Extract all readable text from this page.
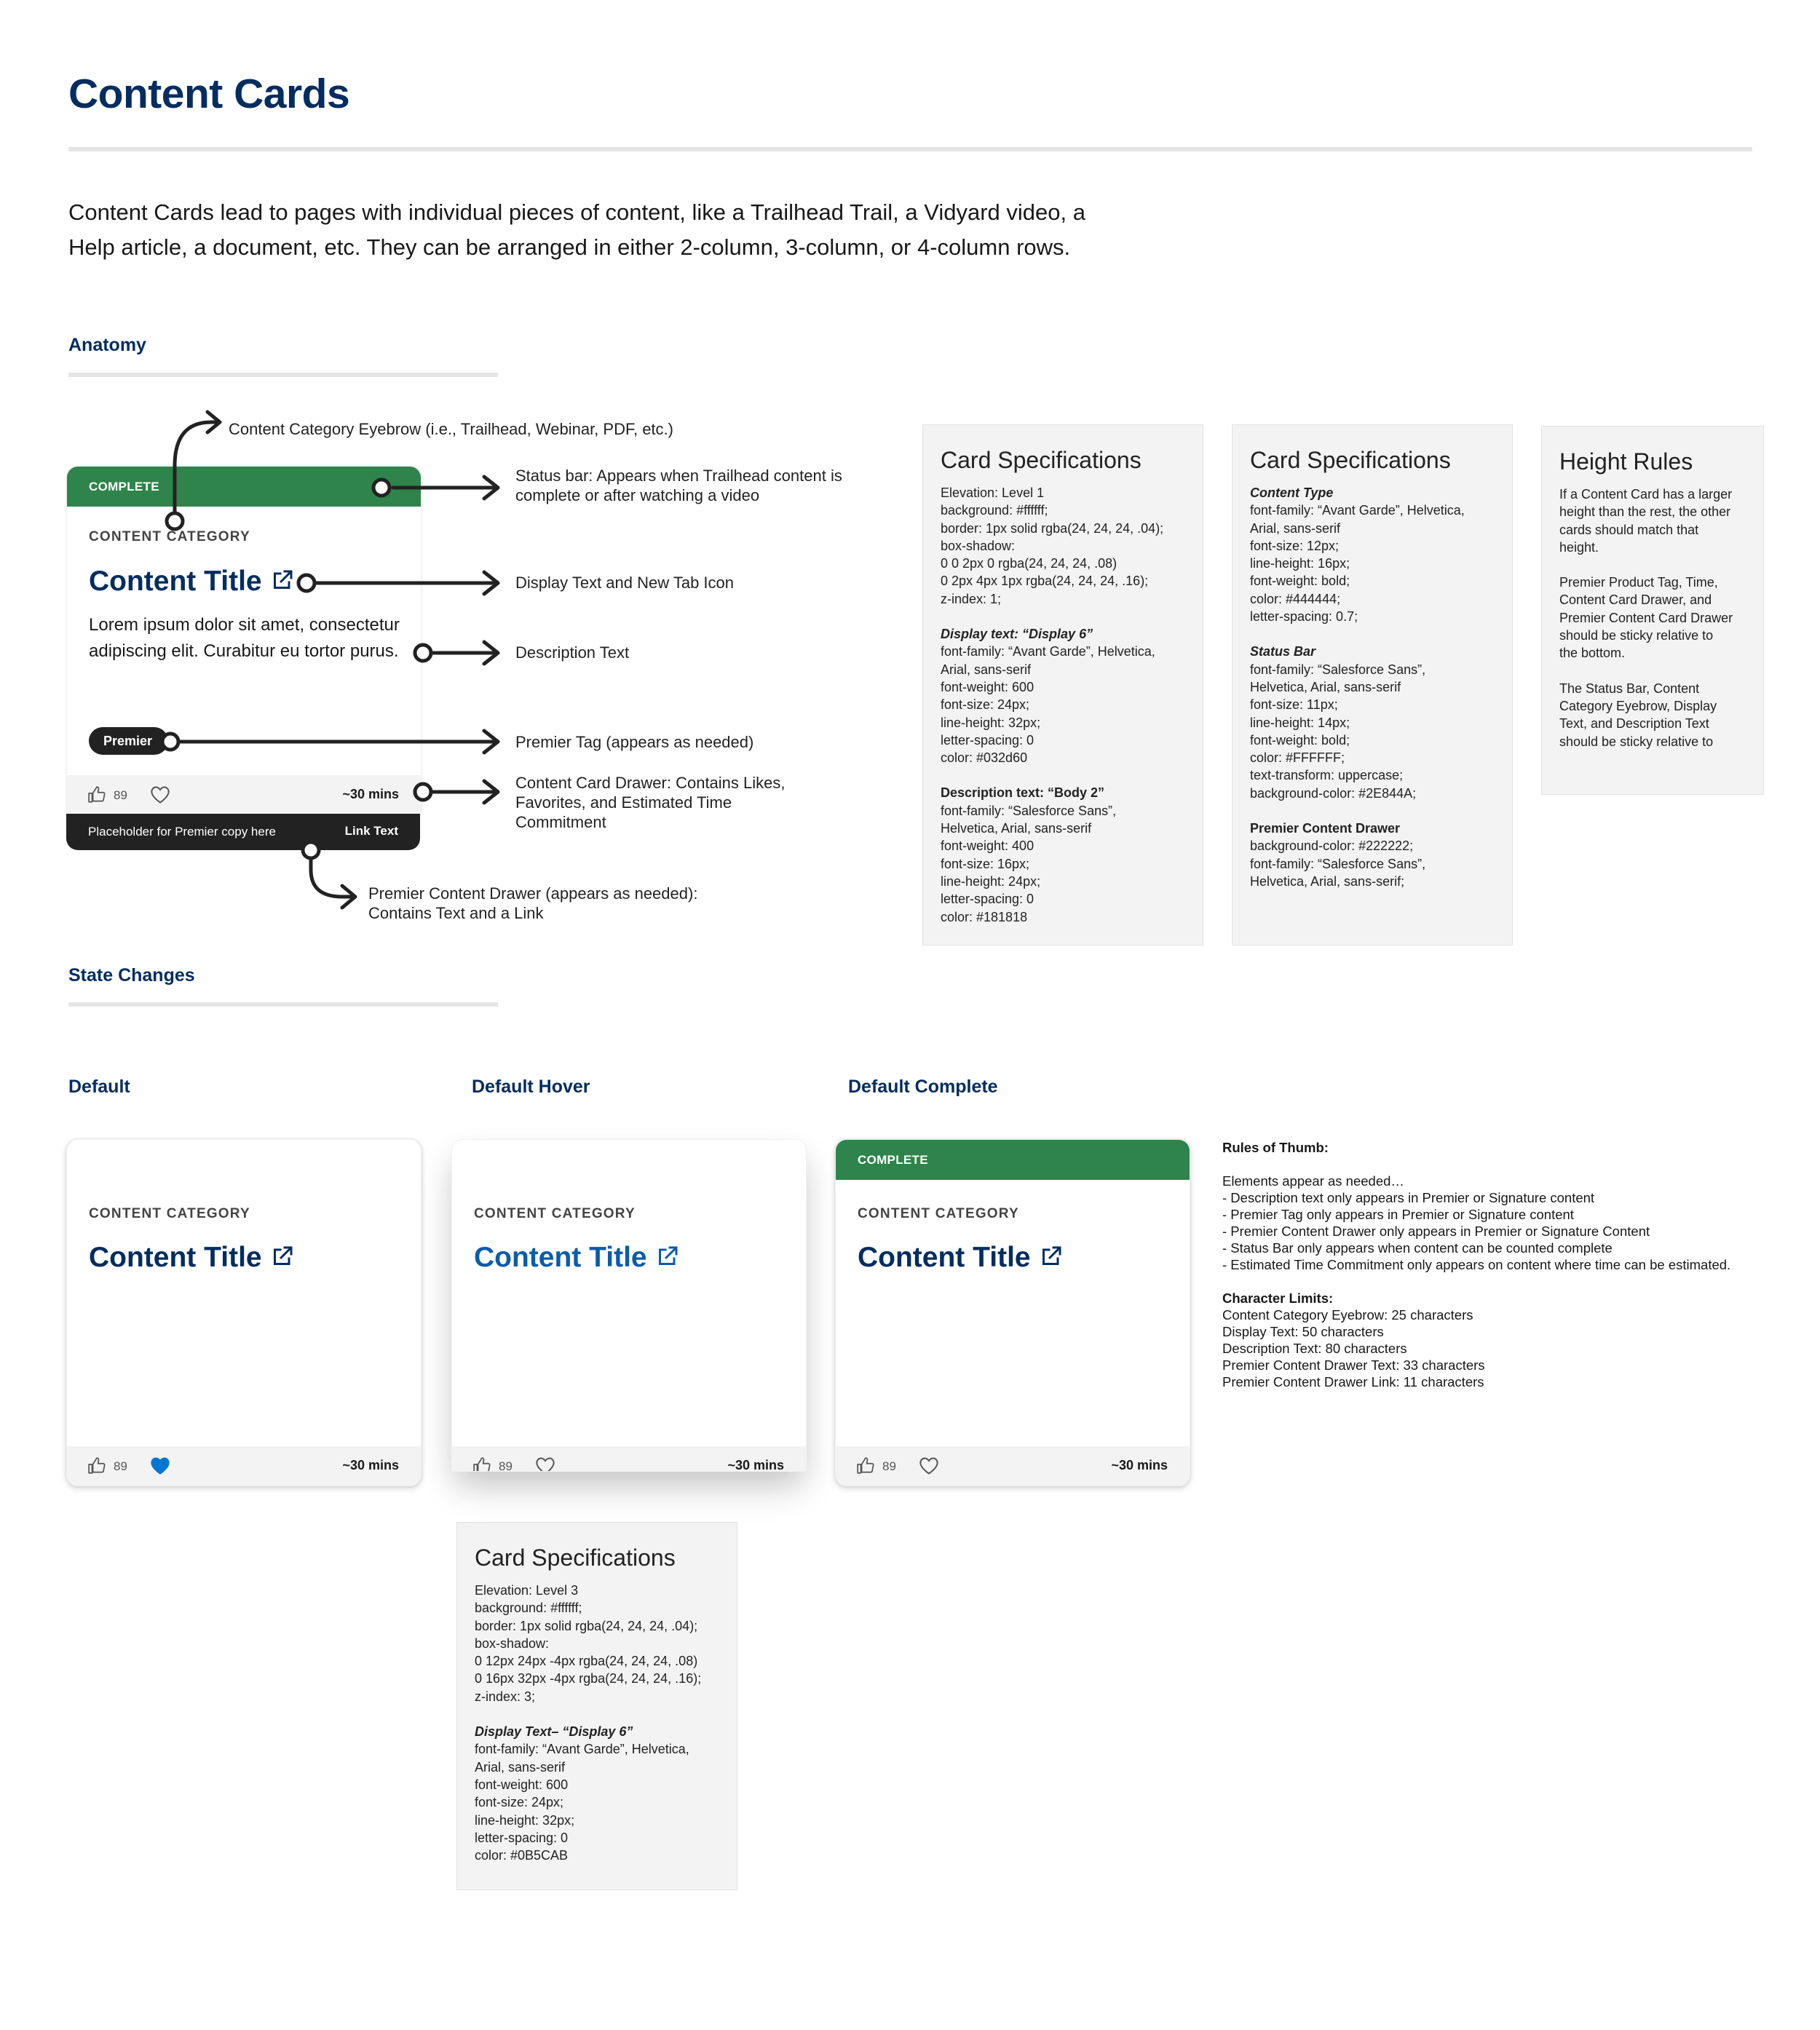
Content Cards
Content Cards lead to pages with individual pieces of content, like a Trailhead Trail, a Vidyard video, a
Help article, a document, etc. They can be arranged in either 2-column, 3-column, or 4-column rows.
Anatomy
Placeholder for Premier copy here	Link Text
COMPLETE
CONTENT CATEGORY
Content Title
Lorem ipsum dolor sit amet, consectetur adipiscing elit. Curabitur eu tortor purus.
Premier
89	~30 mins
Content Category Eyebrow (i.e., Trailhead, Webinar, PDF, etc.)
Status bar: Appears when Trailhead content is
complete or after watching a video
Display Text and New Tab Icon
Description Text
Premier Tag (appears as needed)
Content Card Drawer: Contains Likes,
Favorites, and Estimated Time
Commitment
Premier Content Drawer (appears as needed):
Contains Text and a Link
Card Specifications
Elevation: Level 1
background: #ffffff;
border: 1px solid rgba(24, 24, 24, .04);
box-shadow:
0 0 2px 0 rgba(24, 24, 24, .08)
0 2px 4px 1px rgba(24, 24, 24, .16);
z-index: 1;
Display text: “Display 6”
font-family: “Avant Garde”, Helvetica,
Arial, sans-serif
font-weight: 600
font-size: 24px;
line-height: 32px;
letter-spacing: 0
color: #032d60
Description text: “Body 2”
font-family: “Salesforce Sans”,
Helvetica, Arial, sans-serif
font-weight: 400
font-size: 16px;
line-height: 24px;
letter-spacing: 0
color: #181818
Card Specifications
Content Type
font-family: “Avant Garde”, Helvetica,
Arial, sans-serif
font-size: 12px;
line-height: 16px;
font-weight: bold;
color: #444444;
letter-spacing: 0.7;
Status Bar
font-family: “Salesforce Sans”,
Helvetica, Arial, sans-serif
font-size: 11px;
line-height: 14px;
font-weight: bold;
color: #FFFFFF;
text-transform: uppercase;
background-color: #2E844A;
Premier Content Drawer
background-color: #222222;
font-family: “Salesforce Sans”,
Helvetica, Arial, sans-serif;
Height Rules
If a Content Card has a larger
height than the rest, the other
cards should match that
height.
Premier Product Tag, Time,
Content Card Drawer, and
Premier Content Card Drawer
should be sticky relative to
the bottom.
The Status Bar, Content
Category Eyebrow, Display
Text, and Description Text
should be sticky relative to
State Changes
Default	Default Hover	Default Complete
CONTENT CATEGORY
Content Title
89	~30 mins
CONTENT CATEGORY
Content Title
89	~30 mins
COMPLETE
CONTENT CATEGORY
Content Title
89	~30 mins
Rules of Thumb:
Elements appear as needed…
- Description text only appears in Premier or Signature content
- Premier Tag only appears in Premier or Signature content
- Premier Content Drawer only appears in Premier or Signature Content
- Status Bar only appears when content can be counted complete
- Estimated Time Commitment only appears on content where time can be estimated.
Character Limits:
Content Category Eyebrow: 25 characters
Display Text: 50 characters
Description Text: 80 characters
Premier Content Drawer Text: 33 characters
Premier Content Drawer Link: 11 characters
Card Specifications
Elevation: Level 3
background: #ffffff;
border: 1px solid rgba(24, 24, 24, .04);
box-shadow:
0 12px 24px -4px rgba(24, 24, 24, .08)
0 16px 32px -4px rgba(24, 24, 24, .16);
z-index: 3;
Display Text– “Display 6”
font-family: “Avant Garde”, Helvetica,
Arial, sans-serif
font-weight: 600
font-size: 24px;
line-height: 32px;
letter-spacing: 0
color: #0B5CAB
